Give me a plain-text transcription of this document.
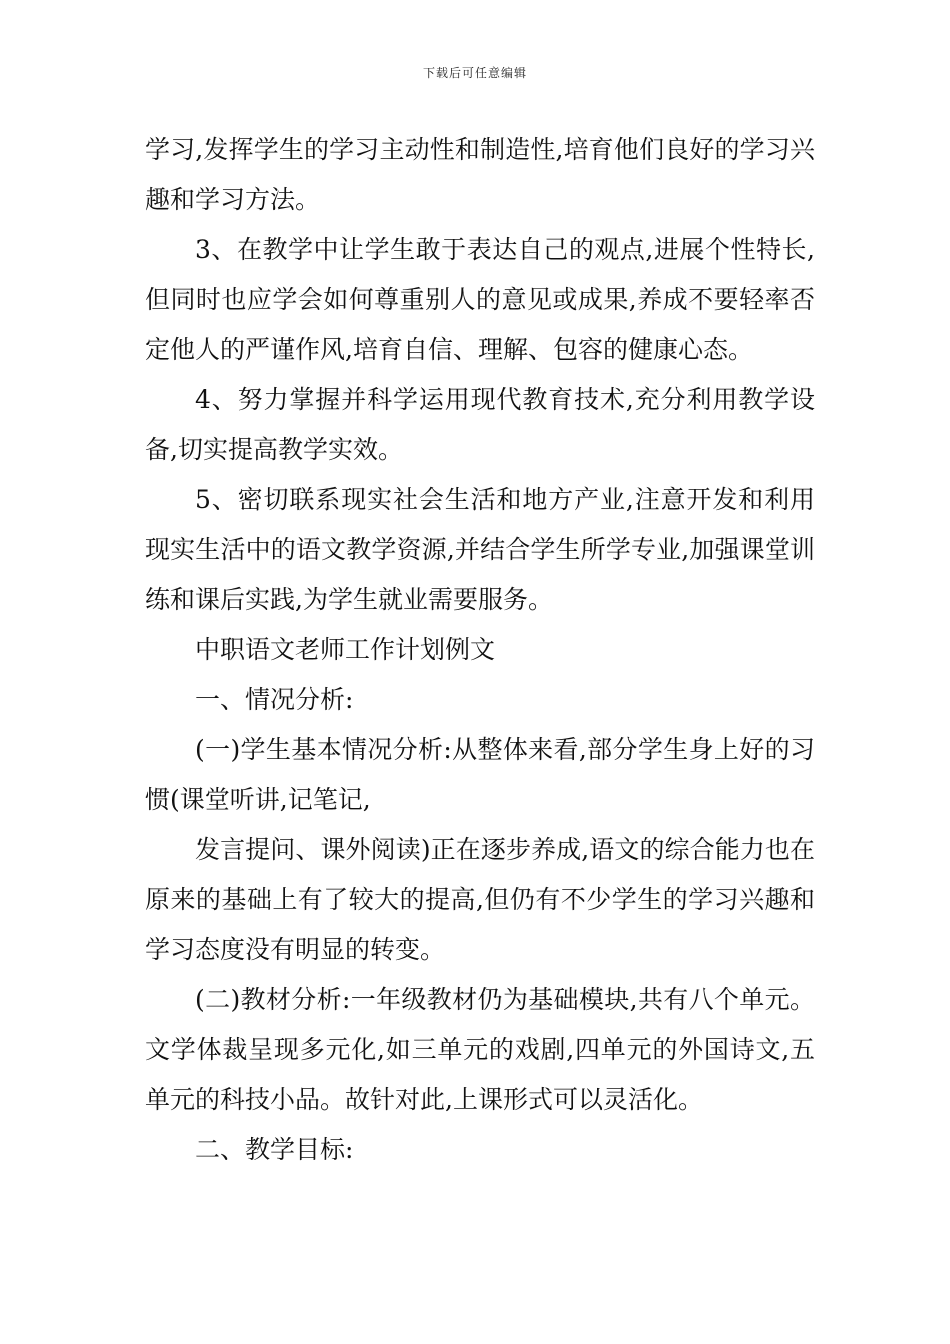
下载后可任意编辑

学习,发挥学生的学习主动性和制造性,培育他们良好的学习兴趣和学习方法。

3、在教学中让学生敢于表达自己的观点,进展个性特长,但同时也应学会如何尊重别人的意见或成果,养成不要轻率否定他人的严谨作风,培育自信、理解、包容的健康心态。

4、努力掌握并科学运用现代教育技术,充分利用教学设备,切实提高教学实效。

5、密切联系现实社会生活和地方产业,注意开发和利用现实生活中的语文教学资源,并结合学生所学专业,加强课堂训练和课后实践,为学生就业需要服务。

中职语文老师工作计划例文

一、情况分析:

(一)学生基本情况分析:从整体来看,部分学生身上好的习惯(课堂听讲,记笔记,

发言提问、课外阅读)正在逐步养成,语文的综合能力也在原来的基础上有了较大的提高,但仍有不少学生的学习兴趣和学习态度没有明显的转变。

(二)教材分析:一年级教材仍为基础模块,共有八个单元。文学体裁呈现多元化,如三单元的戏剧,四单元的外国诗文,五单元的科技小品。故针对此,上课形式可以灵活化。

二、教学目标:
